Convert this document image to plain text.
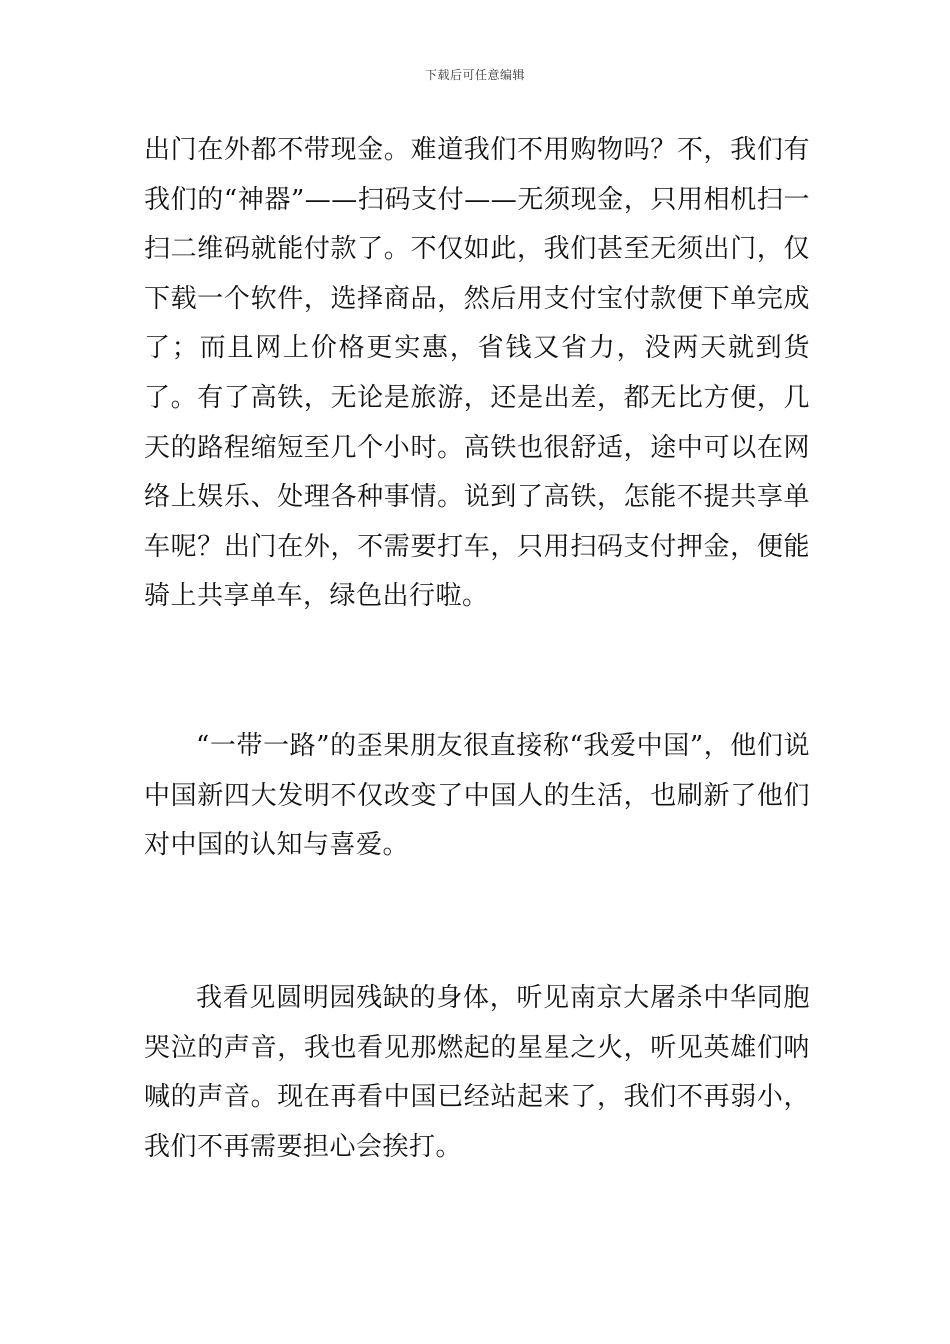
下载后可任意编辑

出门在外都不带现金。难道我们不用购物吗？不，我们有我们的“神器”——扫码支付——无须现金，只用相机扫一扫二维码就能付款了。不仅如此，我们甚至无须出门，仅下载一个软件，选择商品，然后用支付宝付款便下单完成了；而且网上价格更实惠，省钱又省力，没两天就到货了。有了高铁，无论是旅游，还是出差，都无比方便，几天的路程缩短至几个小时。高铁也很舒适，途中可以在网络上娱乐、处理各种事情。说到了高铁，怎能不提共享单车呢？出门在外，不需要打车，只用扫码支付押金，便能骑上共享单车，绿色出行啦。

“一带一路”的歪果朋友很直接称“我爱中国”，他们说中国新四大发明不仅改变了中国人的生活，也刷新了他们对中国的认知与喜爱。

我看见圆明园残缺的身体，听见南京大屠杀中华同胞哭泣的声音，我也看见那燃起的星星之火，听见英雄们呐喊的声音。现在再看中国已经站起来了，我们不再弱小，我们不再需要担心会挨打。
